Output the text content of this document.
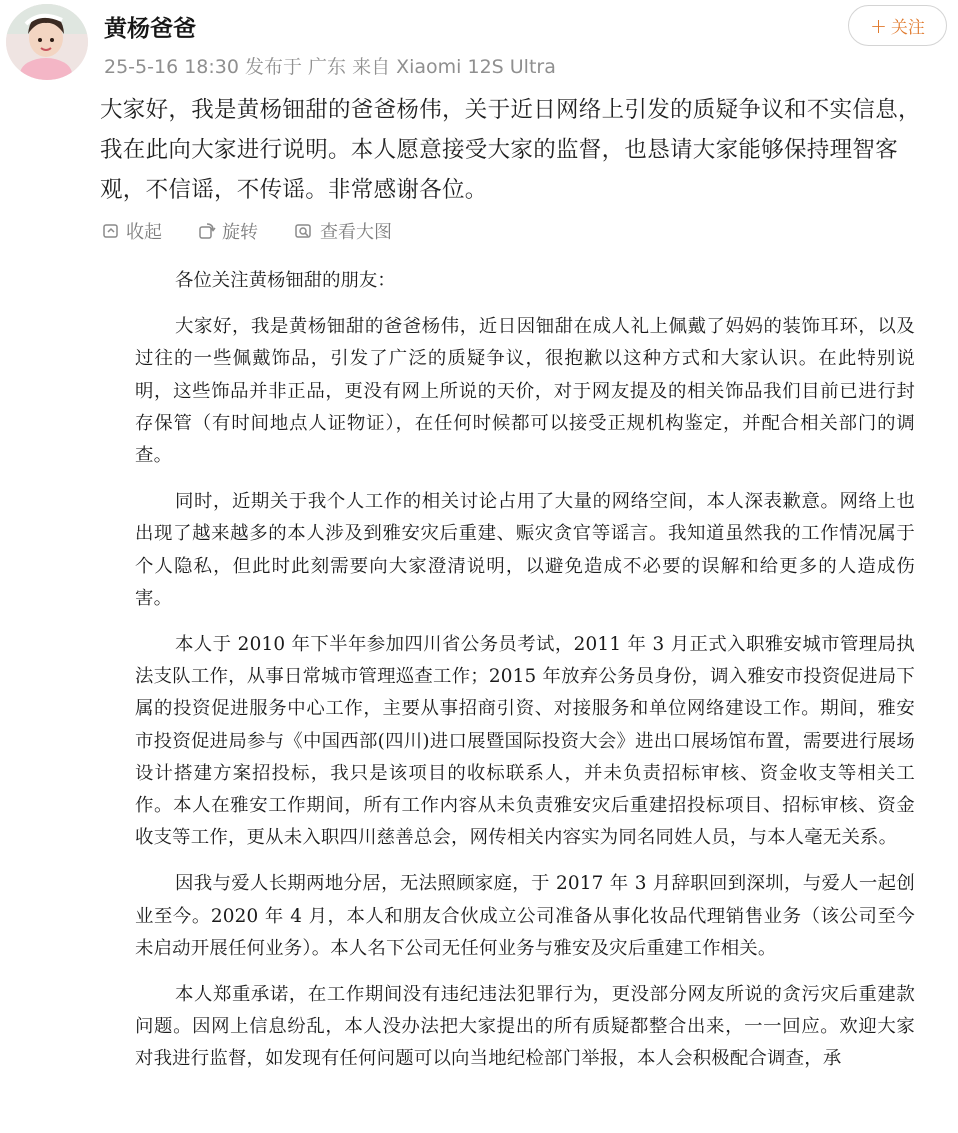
黄杨爸爸
25-5-16 18:30 发布于 广东 来自 Xiaomi 12S Ultra
+ 关注
大家好，我是黄杨钿甜的爸爸杨伟，关于近日网络上引发的质疑争议和不实信息，我在此向大家进行说明。本人愿意接受大家的监督，也恳请大家能够保持理智客观，不信谣，不传谣。非常感谢各位。
收起	旋转	查看大图
各位关注黄杨钿甜的朋友：

大家好，我是黄杨钿甜的爸爸杨伟，近日因钿甜在成人礼上佩戴了妈妈的装饰耳环，以及过往的一些佩戴饰品，引发了广泛的质疑争议，很抱歉以这种方式和大家认识。在此特别说明，这些饰品并非正品，更没有网上所说的天价，对于网友提及的相关饰品我们目前已进行封存保管（有时间地点人证物证），在任何时候都可以接受正规机构鉴定，并配合相关部门的调查。

同时，近期关于我个人工作的相关讨论占用了大量的网络空间，本人深表歉意。网络上也出现了越来越多的本人涉及到雅安灾后重建、赈灾贪官等谣言。我知道虽然我的工作情况属于个人隐私，但此时此刻需要向大家澄清说明，以避免造成不必要的误解和给更多的人造成伤害。

本人于 2010 年下半年参加四川省公务员考试，2011 年 3 月正式入职雅安城市管理局执法支队工作，从事日常城市管理巡查工作；2015 年放弃公务员身份，调入雅安市投资促进局下属的投资促进服务中心工作，主要从事招商引资、对接服务和单位网络建设工作。期间，雅安市投资促进局参与《中国西部(四川)进口展暨国际投资大会》进出口展场馆布置，需要进行展场设计搭建方案招投标，我只是该项目的收标联系人，并未负责招标审核、资金收支等相关工作。本人在雅安工作期间，所有工作内容从未负责雅安灾后重建招投标项目、招标审核、资金收支等工作，更从未入职四川慈善总会，网传相关内容实为同名同姓人员，与本人毫无关系。

因我与爱人长期两地分居，无法照顾家庭，于 2017 年 3 月辞职回到深圳，与爱人一起创业至今。2020 年 4 月，本人和朋友合伙成立公司准备从事化妆品代理销售业务（该公司至今未启动开展任何业务）。本人名下公司无任何业务与雅安及灾后重建工作相关。

本人郑重承诺，在工作期间没有违纪违法犯罪行为，更没部分网友所说的贪污灾后重建款问题。因网上信息纷乱，本人没办法把大家提出的所有质疑都整合出来，一一回应。欢迎大家对我进行监督，如发现有任何问题可以向当地纪检部门举报，本人会积极配合调查，承
